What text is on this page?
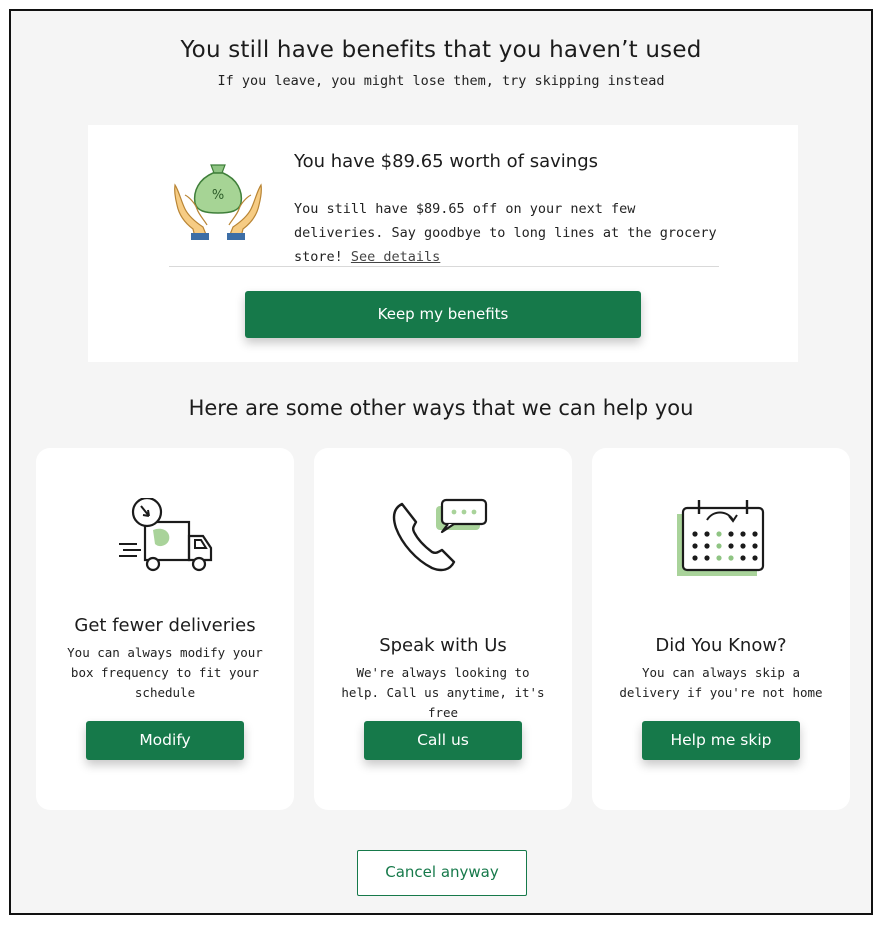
You still have benefits that you haven’t used
If you leave, you might lose them, try skipping instead
%
You have $89.65 worth of savings
You still have $89.65 off on your next few deliveries. Say goodbye to long lines at the grocery store! See details
Keep my benefits
Here are some other ways that we can help you
Get fewer deliveries
You can always modify your box frequency to fit your schedule
Modify
Speak with Us
We're always looking to help. Call us anytime, it's free
Call us
Did You Know?
You can always skip a delivery if you're not home
Help me skip
Cancel anyway
